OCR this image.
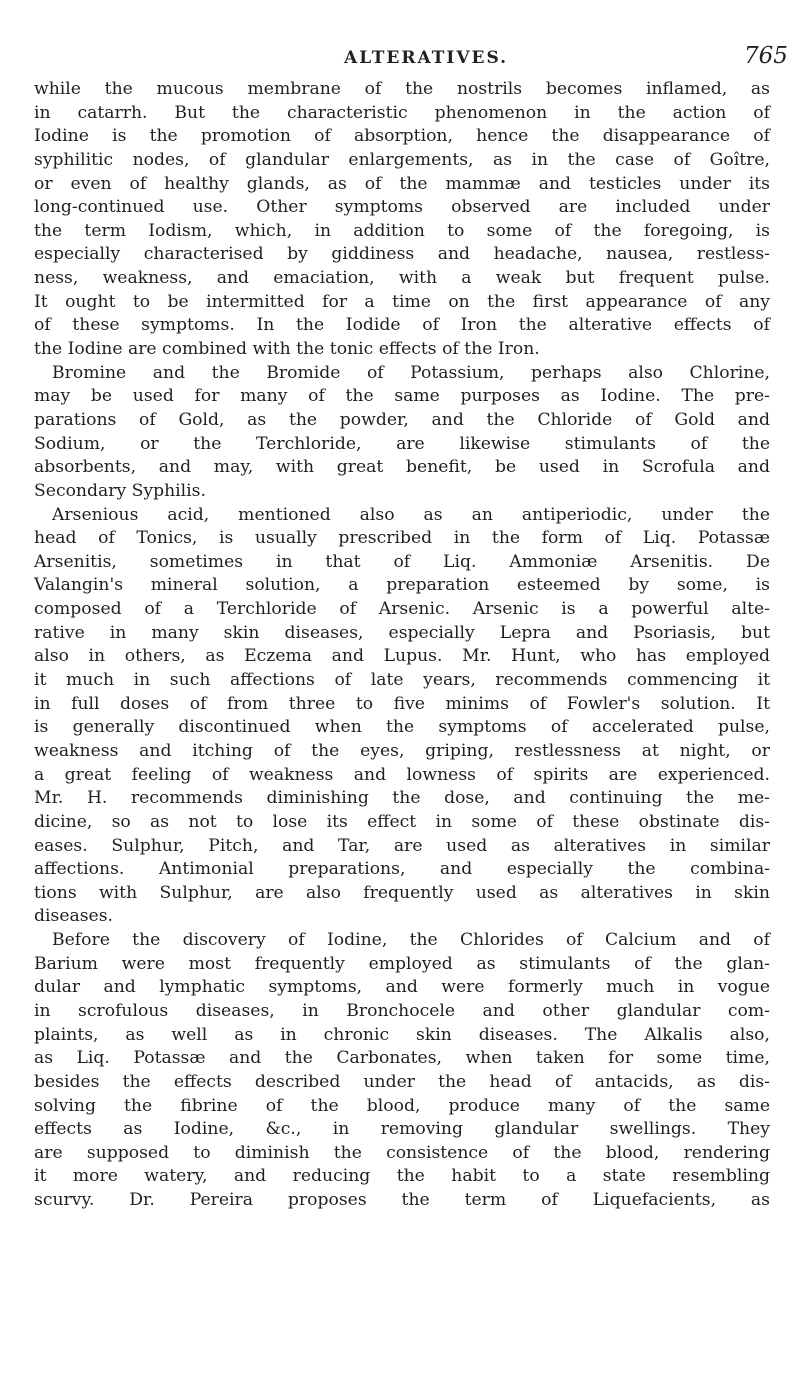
ALTERATIVES.	765
while the mucous membrane of the nostrils becomes inflamed, as
in catarrh. But the characteristic phenomenon in the action of
Iodine is the promotion of absorption, hence the disappearance of
syphilitic nodes, of glandular enlargements, as in the case of Goître,
or even of healthy glands, as of the mammæ and testicles under its
long-continued use. Other symptoms observed are included under
the term Iodism, which, in addition to some of the foregoing, is
especially characterised by giddiness and headache, nausea, restless-
ness, weakness, and emaciation, with a weak but frequent pulse.
It ought to be intermitted for a time on the first appearance of any
of these symptoms. In the Iodide of Iron the alterative effects of
the Iodine are combined with the tonic effects of the Iron.
Bromine and the Bromide of Potassium, perhaps also Chlorine,
may be used for many of the same purposes as Iodine. The pre-
parations of Gold, as the powder, and the Chloride of Gold and
Sodium, or the Terchloride, are likewise stimulants of the
absorbents, and may, with great benefit, be used in Scrofula and
Secondary Syphilis.
Arsenious acid, mentioned also as an antiperiodic, under the
head of Tonics, is usually prescribed in the form of Liq. Potassæ
Arsenitis, sometimes in that of Liq. Ammoniæ Arsenitis. De
Valangin's mineral solution, a preparation esteemed by some, is
composed of a Terchloride of Arsenic. Arsenic is a powerful alte-
rative in many skin diseases, especially Lepra and Psoriasis, but
also in others, as Eczema and Lupus. Mr. Hunt, who has employed
it much in such affections of late years, recommends commencing it
in full doses of from three to five minims of Fowler's solution. It
is generally discontinued when the symptoms of accelerated pulse,
weakness and itching of the eyes, griping, restlessness at night, or
a great feeling of weakness and lowness of spirits are experienced.
Mr. H. recommends diminishing the dose, and continuing the me-
dicine, so as not to lose its effect in some of these obstinate dis-
eases. Sulphur, Pitch, and Tar, are used as alteratives in similar
affections. Antimonial preparations, and especially the combina-
tions with Sulphur, are also frequently used as alteratives in skin
diseases.
Before the discovery of Iodine, the Chlorides of Calcium and of
Barium were most frequently employed as stimulants of the glan-
dular and lymphatic symptoms, and were formerly much in vogue
in scrofulous diseases, in Bronchocele and other glandular com-
plaints, as well as in chronic skin diseases. The Alkalis also,
as Liq. Potassæ and the Carbonates, when taken for some time,
besides the effects described under the head of antacids, as dis-
solving the fibrine of the blood, produce many of the same
effects as Iodine, &c., in removing glandular swellings. They
are supposed to diminish the consistence of the blood, rendering
it more watery, and reducing the habit to a state resembling
scurvy. Dr. Pereira proposes the term of Liquefacients, as
